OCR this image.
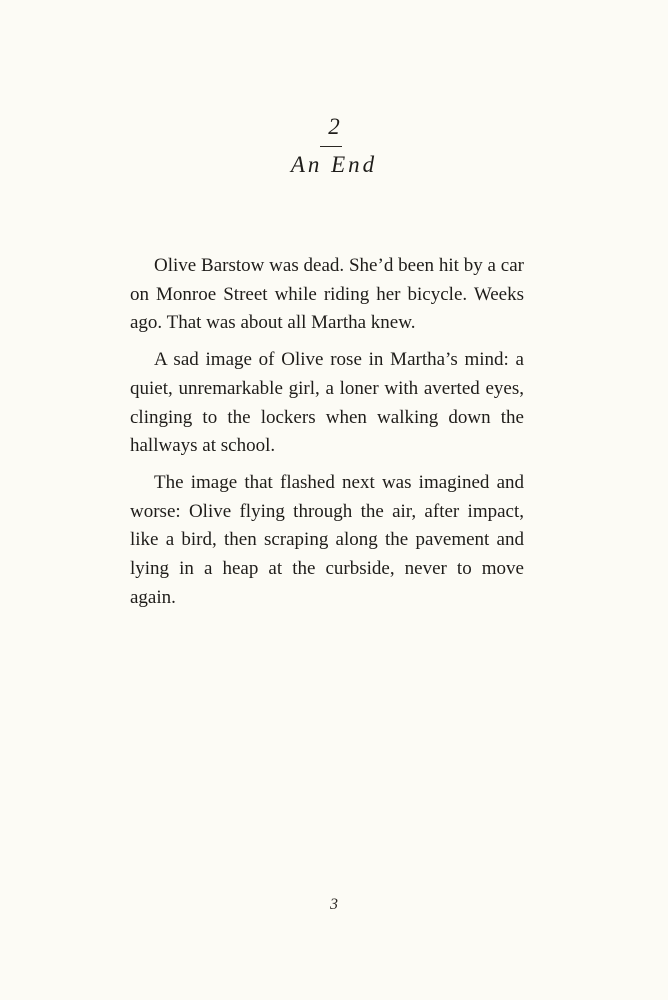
2
An End

Olive Barstow was dead. She’d been hit by a car on Monroe Street while riding her bicycle. Weeks ago. That was about all Martha knew.

A sad image of Olive rose in Martha’s mind: a quiet, unremarkable girl, a loner with averted eyes, clinging to the lockers when walking down the hallways at school.

The image that flashed next was imagined and worse: Olive flying through the air, after impact, like a bird, then scraping along the pavement and lying in a heap at the curbside, never to move again.

3
